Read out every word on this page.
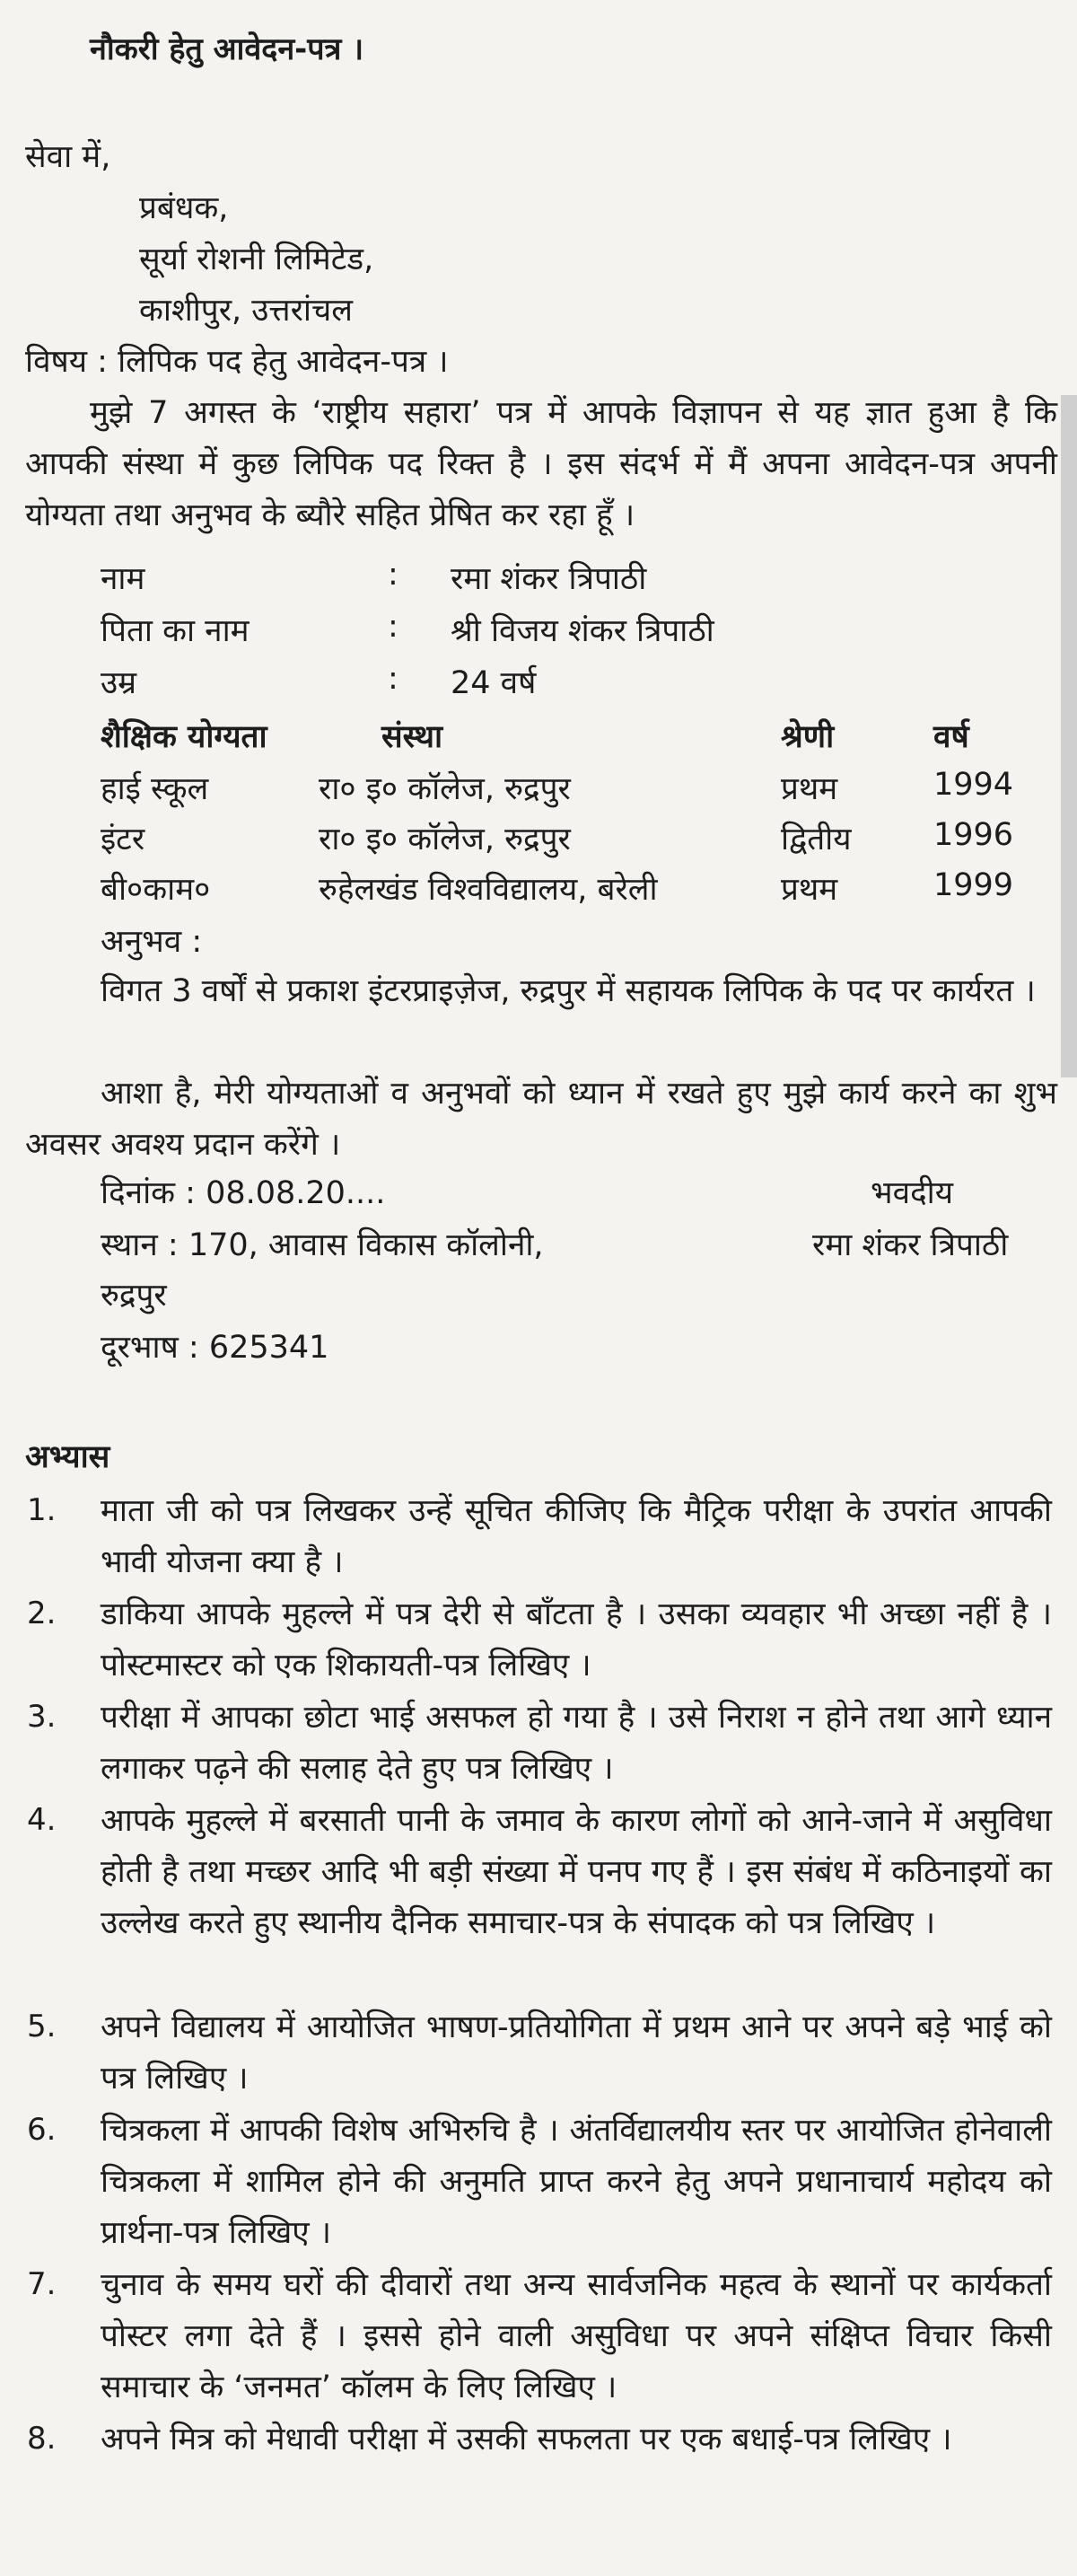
नौकरी हेतु आवेदन-पत्र ।
सेवा में,
प्रबंधक,
सूर्या रोशनी लिमिटेड,
काशीपुर, उत्तरांचल
विषय : लिपिक पद हेतु आवेदन-पत्र ।
मुझे 7 अगस्त के ‘राष्ट्रीय सहारा’ पत्र में आपके विज्ञापन से यह ज्ञात हुआ है कि आपकी संस्था में कुछ लिपिक पद रिक्त है । इस संदर्भ में मैं अपना आवेदन-पत्र अपनी योग्यता तथा अनुभव के ब्यौरे सहित प्रेषित कर रहा हूँ ।
नाम	: रमा शंकर त्रिपाठी
पिता का नाम	: श्री विजय शंकर त्रिपाठी
उम्र	: 24 वर्ष
शैक्षिक योग्यता	संस्था	श्रेणी	वर्ष
हाई स्कूल	रा० इ० कॉलेज, रुद्रपुर	प्रथम	1994
इंटर	रा० इ० कॉलेज, रुद्रपुर	द्वितीय	1996
बी०काम०	रुहेलखंड विश्वविद्यालय, बरेली	प्रथम	1999
अनुभव :
विगत 3 वर्षों से प्रकाश इंटरप्राइज़ेज, रुद्रपुर में सहायक लिपिक के पद पर कार्यरत ।
आशा है, मेरी योग्यताओं व अनुभवों को ध्यान में रखते हुए मुझे कार्य करने का शुभ अवसर अवश्य प्रदान करेंगे ।
दिनांक : 08.08.20....	भवदीय
स्थान : 170, आवास विकास कॉलोनी,	रमा शंकर त्रिपाठी
रुद्रपुर
दूरभाष : 625341
अभ्यास
1. माता जी को पत्र लिखकर उन्हें सूचित कीजिए कि मैट्रिक परीक्षा के उपरांत आपकी भावी योजना क्या है ।
2. डाकिया आपके मुहल्ले में पत्र देरी से बाँटता है । उसका व्यवहार भी अच्छा नहीं है । पोस्टमास्टर को एक शिकायती-पत्र लिखिए ।
3. परीक्षा में आपका छोटा भाई असफल हो गया है । उसे निराश न होने तथा आगे ध्यान लगाकर पढ़ने की सलाह देते हुए पत्र लिखिए ।
4. आपके मुहल्ले में बरसाती पानी के जमाव के कारण लोगों को आने-जाने में असुविधा होती है तथा मच्छर आदि भी बड़ी संख्या में पनप गए हैं । इस संबंध में कठिनाइयों का उल्लेख करते हुए स्थानीय दैनिक समाचार-पत्र के संपादक को पत्र लिखिए ।
5. अपने विद्यालय में आयोजित भाषण-प्रतियोगिता में प्रथम आने पर अपने बड़े भाई को पत्र लिखिए ।
6. चित्रकला में आपकी विशेष अभिरुचि है । अंतर्विद्यालयीय स्तर पर आयोजित होनेवाली चित्रकला में शामिल होने की अनुमति प्राप्त करने हेतु अपने प्रधानाचार्य महोदय को प्रार्थना-पत्र लिखिए ।
7. चुनाव के समय घरों की दीवारों तथा अन्य सार्वजनिक महत्व के स्थानों पर कार्यकर्ता पोस्टर लगा देते हैं । इससे होने वाली असुविधा पर अपने संक्षिप्त विचार किसी समाचार के ‘जनमत’ कॉलम के लिए लिखिए ।
8. अपने मित्र को मेधावी परीक्षा में उसकी सफलता पर एक बधाई-पत्र लिखिए ।
